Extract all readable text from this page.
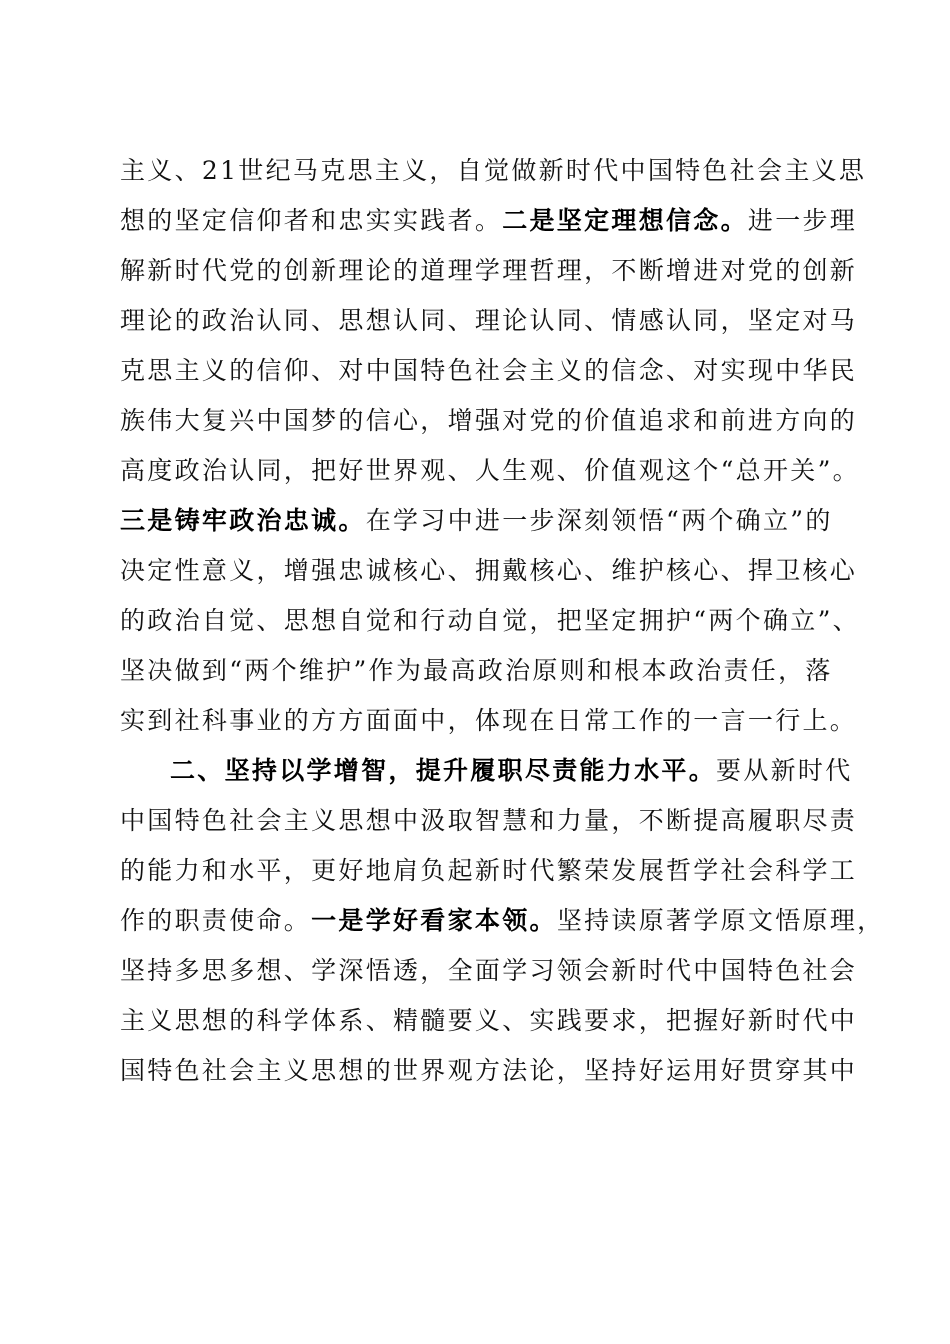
主义、21世纪马克思主义，自觉做新时代中国特色社会主义思
想的坚定信仰者和忠实实践者。二是坚定理想信念。进一步理
解新时代党的创新理论的道理学理哲理，不断增进对党的创新
理论的政治认同、思想认同、理论认同、情感认同，坚定对马
克思主义的信仰、对中国特色社会主义的信念、对实现中华民
族伟大复兴中国梦的信心，增强对党的价值追求和前进方向的
高度政治认同，把好世界观、人生观、价值观这个“总开关”。
三是铸牢政治忠诚。在学习中进一步深刻领悟“两个确立”的
决定性意义，增强忠诚核心、拥戴核心、维护核心、捍卫核心
的政治自觉、思想自觉和行动自觉，把坚定拥护“两个确立”、
坚决做到“两个维护”作为最高政治原则和根本政治责任，落
实到社科事业的方方面面中，体现在日常工作的一言一行上。
二、坚持以学增智，提升履职尽责能力水平。要从新时代
中国特色社会主义思想中汲取智慧和力量，不断提高履职尽责
的能力和水平，更好地肩负起新时代繁荣发展哲学社会科学工
作的职责使命。一是学好看家本领。坚持读原著学原文悟原理，
坚持多思多想、学深悟透，全面学习领会新时代中国特色社会
主义思想的科学体系、精髓要义、实践要求，把握好新时代中
国特色社会主义思想的世界观方法论，坚持好运用好贯穿其中
